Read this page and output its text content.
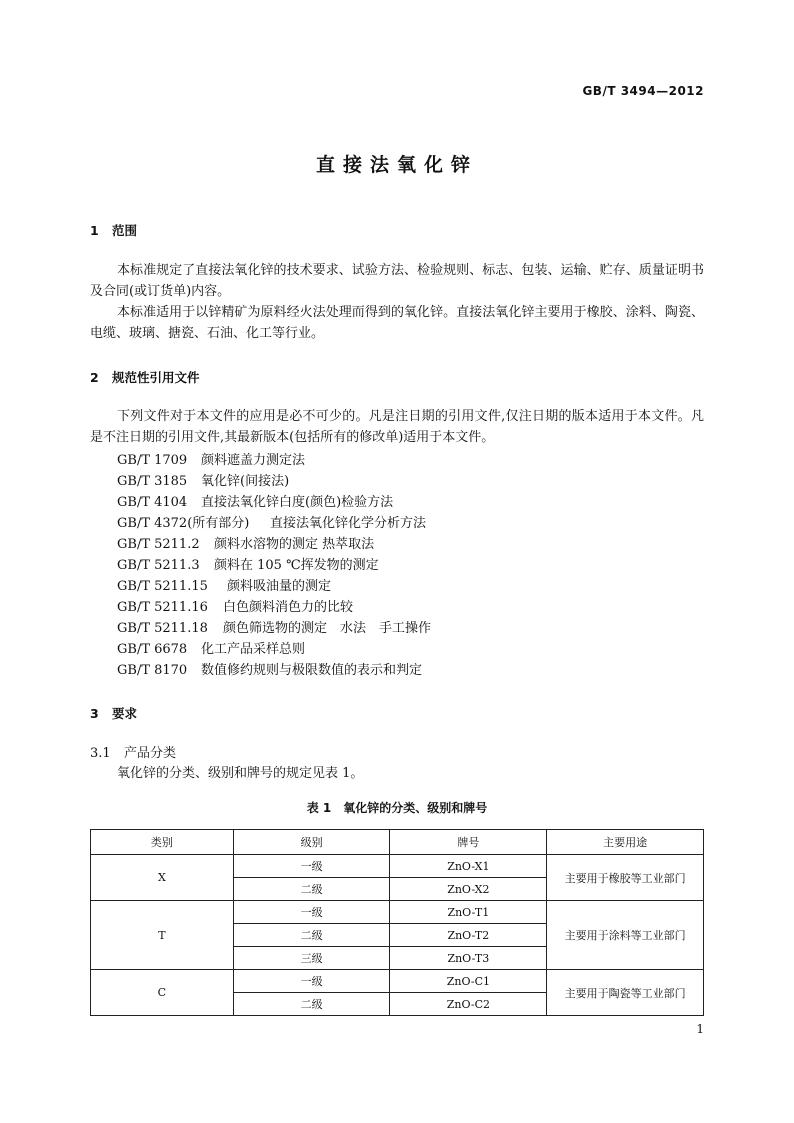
GB/T 3494—2012
直接法氧化锌
1 范围
本标准规定了直接法氧化锌的技术要求、试验方法、检验规则、标志、包装、运输、贮存、质量证明书及合同(或订货单)内容。
本标准适用于以锌精矿为原料经火法处理而得到的氧化锌。直接法氧化锌主要用于橡胶、涂料、陶瓷、电缆、玻璃、搪瓷、石油、化工等行业。
2 规范性引用文件
下列文件对于本文件的应用是必不可少的。凡是注日期的引用文件,仅注日期的版本适用于本文件。凡是不注日期的引用文件,其最新版本(包括所有的修改单)适用于本文件。
GB/T 1709 颜料遮盖力测定法
GB/T 3185 氧化锌(间接法)
GB/T 4104 直接法氧化锌白度(颜色)检验方法
GB/T 4372(所有部分) 直接法氧化锌化学分析方法
GB/T 5211.2 颜料水溶物的测定 热萃取法
GB/T 5211.3 颜料在 105 ℃挥发物的测定
GB/T 5211.15 颜料吸油量的测定
GB/T 5211.16 白色颜料消色力的比较
GB/T 5211.18 颜色筛选物的测定　水法　手工操作
GB/T 6678 化工产品采样总则
GB/T 8170 数值修约规则与极限数值的表示和判定
3 要求
3.1 产品分类
氧化锌的分类、级别和牌号的规定见表 1。
表 1　氧化锌的分类、级别和牌号
类别	级别	牌号	主要用途
X	一级	ZnO-X1	主要用于橡胶等工业部门
	二级	ZnO-X2	
T	一级	ZnO-T1	主要用于涂料等工业部门
	二级	ZnO-T2	
	三级	ZnO-T3	
C	一级	ZnO-C1	主要用于陶瓷等工业部门
	二级	ZnO-C2	
1
